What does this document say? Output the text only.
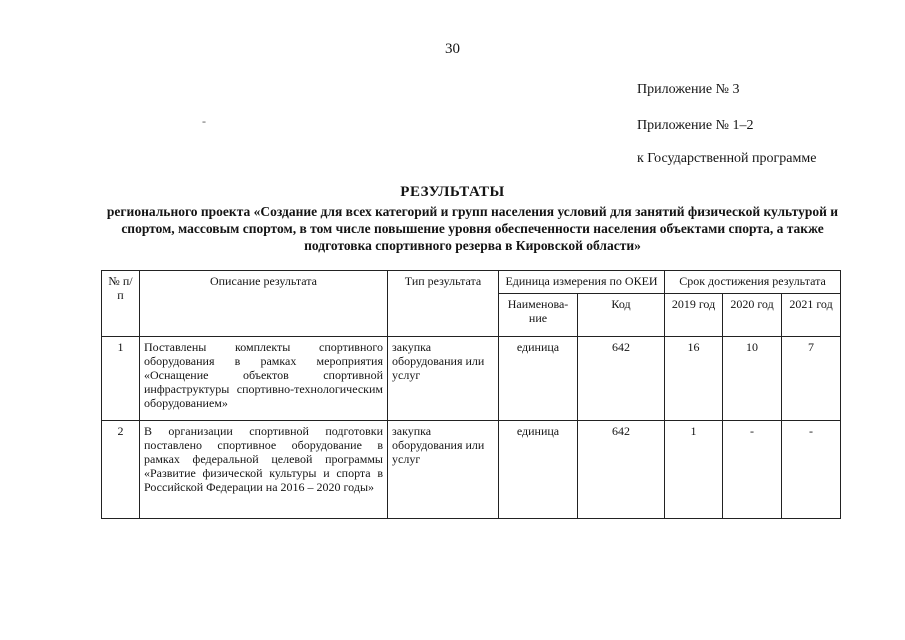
30
Приложение № 3
-	Приложение № 1–2
к Государственной программе
РЕЗУЛЬТАТЫ
регионального проекта «Создание для всех категорий и групп населения условий для занятий физической культурой и спортом, массовым спортом, в том числе повышение уровня обеспеченности населения объектами спорта, а также подготовка спортивного резерва в Кировской области»
№ п/п	Описание результата	Тип результата	Единица измерения по ОКЕИ		Срок достижения результата		
			Наименова-ние	Код	2019 год	2020 год	2021 год
1	Поставлены комплекты спортивного оборудования в рамках мероприятия «Оснащение объектов спортивной инфраструктуры спортивно-технологическим оборудованием»	закупка оборудования или услуг	единица	642	16	10	7
2	В организации спортивной подготовки поставлено спортивное оборудование в рамках федеральной целевой программы «Развитие физической культуры и спорта в Российской Федерации на 2016 – 2020 годы»	закупка оборудования или услуг	единица	642	1	-	-
